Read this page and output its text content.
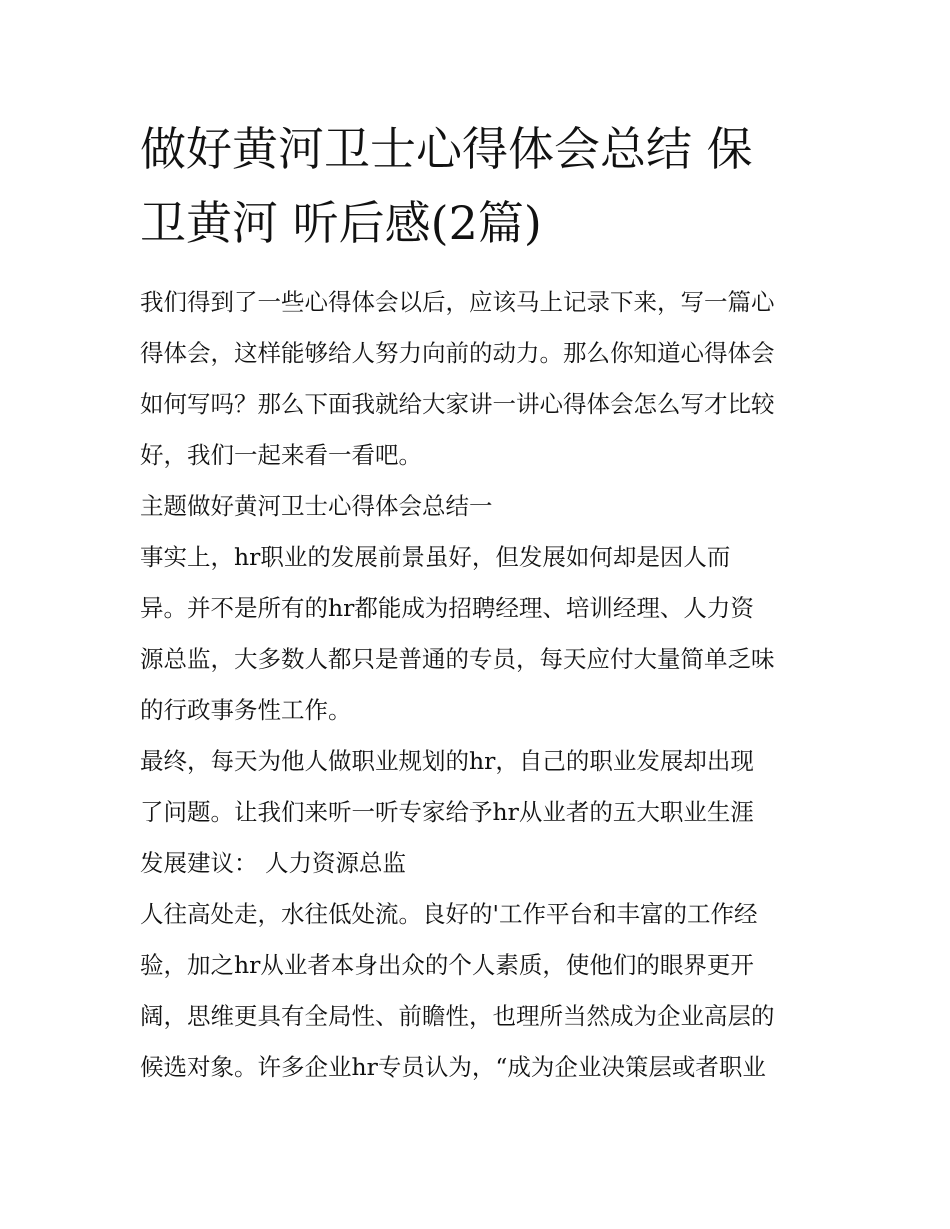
做好黄河卫士心得体会总结 保
卫黄河 听后感(2篇)
我们得到了一些心得体会以后，应该马上记录下来，写一篇心
得体会，这样能够给人努力向前的动力。那么你知道心得体会
如何写吗？那么下面我就给大家讲一讲心得体会怎么写才比较
好，我们一起来看一看吧。
主题做好黄河卫士心得体会总结一
事实上，hr职业的发展前景虽好，但发展如何却是因人而
异。并不是所有的hr都能成为招聘经理、培训经理、人力资
源总监，大多数人都只是普通的专员，每天应付大量简单乏味
的行政事务性工作。
最终，每天为他人做职业规划的hr，自己的职业发展却出现
了问题。让我们来听一听专家给予hr从业者的五大职业生涯
发展建议： 人力资源总监
人往高处走，水往低处流。良好的'工作平台和丰富的工作经
验，加之hr从业者本身出众的个人素质，使他们的眼界更开
阔，思维更具有全局性、前瞻性，也理所当然成为企业高层的
候选对象。许多企业hr专员认为，“成为企业决策层或者职业
